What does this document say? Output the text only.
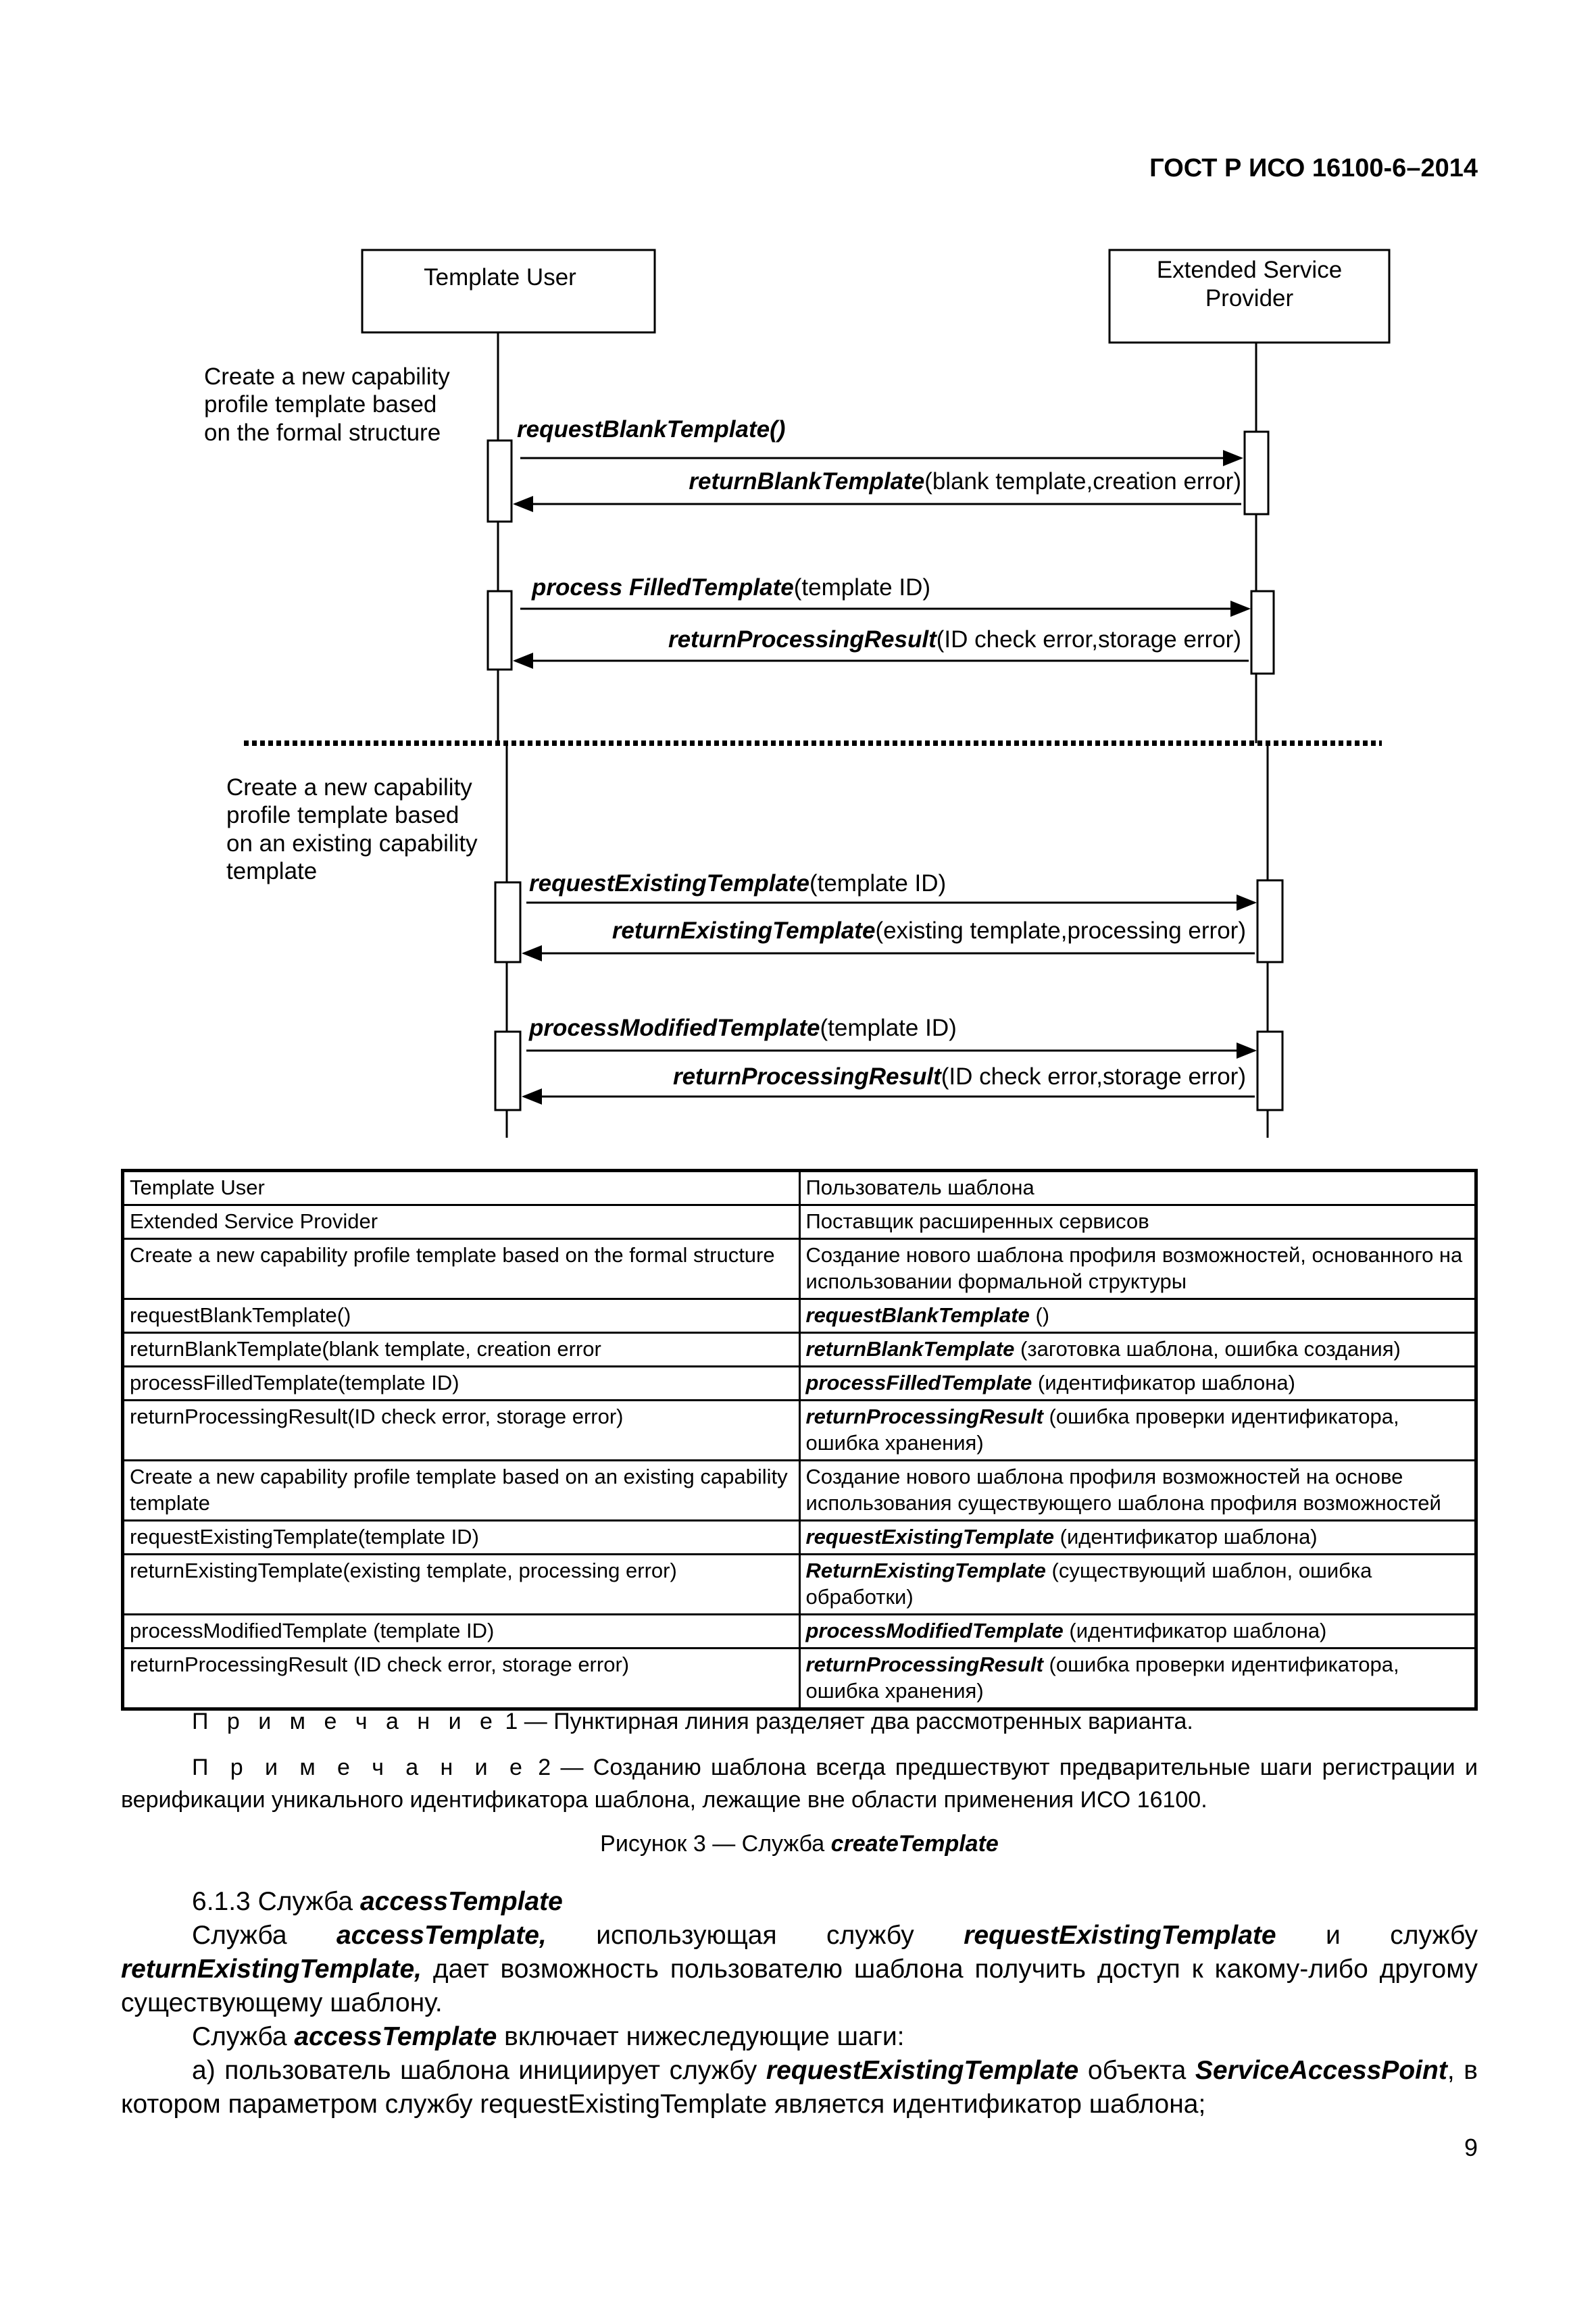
ГОСТ Р ИСО 16100-6–2014
Template User	Extended Service
Provider
Create a new capability
profile template based
on the formal structure
Create a new capability
profile template based
on an existing capability
template
requestBlankTemplate()
returnBlankTemplate(blank template,creation error)
process FilledTemplate(template ID)
returnProcessingResult(ID check error,storage error)
requestExistingTemplate(template ID)
returnExistingTemplate(existing template,processing error)
processModifiedTemplate(template ID)
returnProcessingResult(ID check error,storage error)
Template User	Пользователь шаблона
Extended Service Provider	Поставщик расширенных сервисов
Create a new capability profile template based on the formal structure	Создание нового шаблона профиля возможностей, основанного на использовании формальной структуры
requestBlankTemplate()	requestBlankTemplate ()
returnBlankTemplate(blank template, creation error	returnBlankTemplate (заготовка шаблона, ошибка создания)
processFilledTemplate(template ID)	processFilledTemplate (идентификатор шаблона)
returnProcessingResult(ID check error, storage error)	returnProcessingResult (ошибка проверки идентификатора, ошибка хранения)
Create a new capability profile template based on an existing capability template	Создание нового шаблона профиля возможностей на основе использования существующего шаблона профиля возможностей
requestExistingTemplate(template ID)	requestExistingTemplate (идентификатор шаблона)
returnExistingTemplate(existing template, processing error)	ReturnExistingTemplate (существующий шаблон, ошибка обработки)
processModifiedTemplate (template ID)	processModifiedTemplate (идентификатор шаблона)
returnProcessingResult (ID check error, storage error)	returnProcessingResult (ошибка проверки идентификатора, ошибка хранения)
П р и м е ч а н и е 1 — Пунктирная линия разделяет два рассмотренных варианта.
П р и м е ч а н и е 2 — Созданию шаблона всегда предшествуют предварительные шаги регистрации и верификации уникального идентификатора шаблона, лежащие вне области применения ИСО 16100.
Рисунок 3 — Служба createTemplate

6.1.3 Служба accessTemplate

Служба accessTemplate, использующая службу requestExistingTemplate и службу returnExistingTemplate, дает возможность пользователю шаблона получить доступ к какому-либо другому существующему шаблону.

Служба accessTemplate включает нижеследующие шаги:

а) пользователь шаблона инициирует службу requestExistingTemplate объекта ServiceAccessPoint, в котором параметром службу requestExistingTemplate является идентификатор шаблона;

9
